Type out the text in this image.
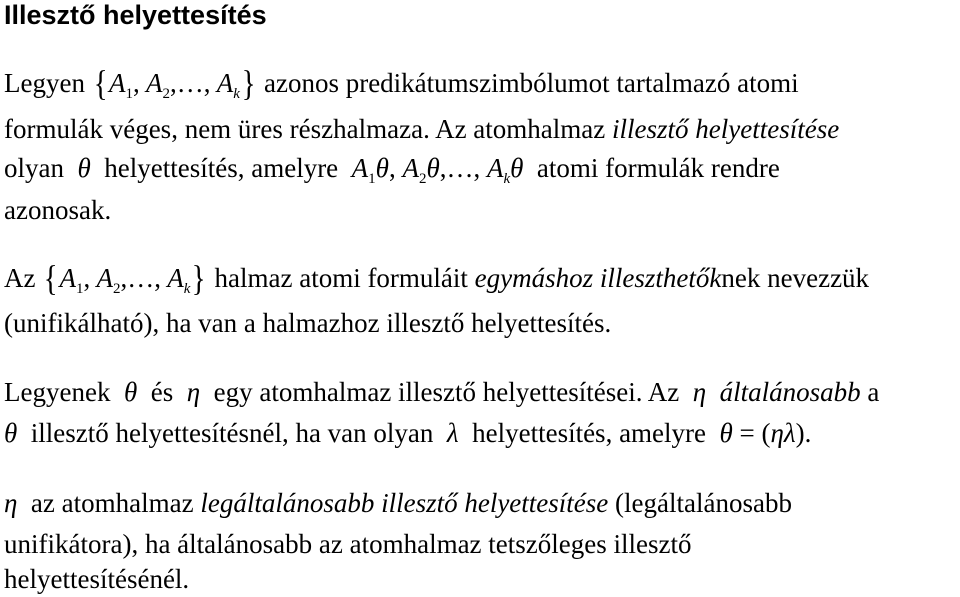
Illesztő helyettesítés
Legyen {$A_1$, $A_2,\dots$, $A_k$} azonos predikátumszimbólumot tartalmazó atomi
formulák véges, nem üres részhalmaza. Az atomhalmaz illesztő helyettesítése
olyan θ helyettesítés, amelyre $A_1\theta$, $A_2\theta,\dots$, $A_k\theta$ atomi formulák rendre
azonosak.
Az {$A_1$, $A_2,\dots$, $A_k$} halmaz atomi formuláit egymáshoz illeszthetőknek nevezzük
(unifikálható), ha van a halmazhoz illesztő helyettesítés.
Legyenek θ és η egy atomhalmaz illesztő helyettesítései. Az η általánosabb a
θ illesztő helyettesítésnél, ha van olyan λ helyettesítés, amelyre θ = (ηλ).
η az atomhalmaz legáltalánosabb illesztő helyettesítése (legáltalánosabb
unifikátora), ha általánosabb az atomhalmaz tetszőleges illesztő
helyettesítésénél.
